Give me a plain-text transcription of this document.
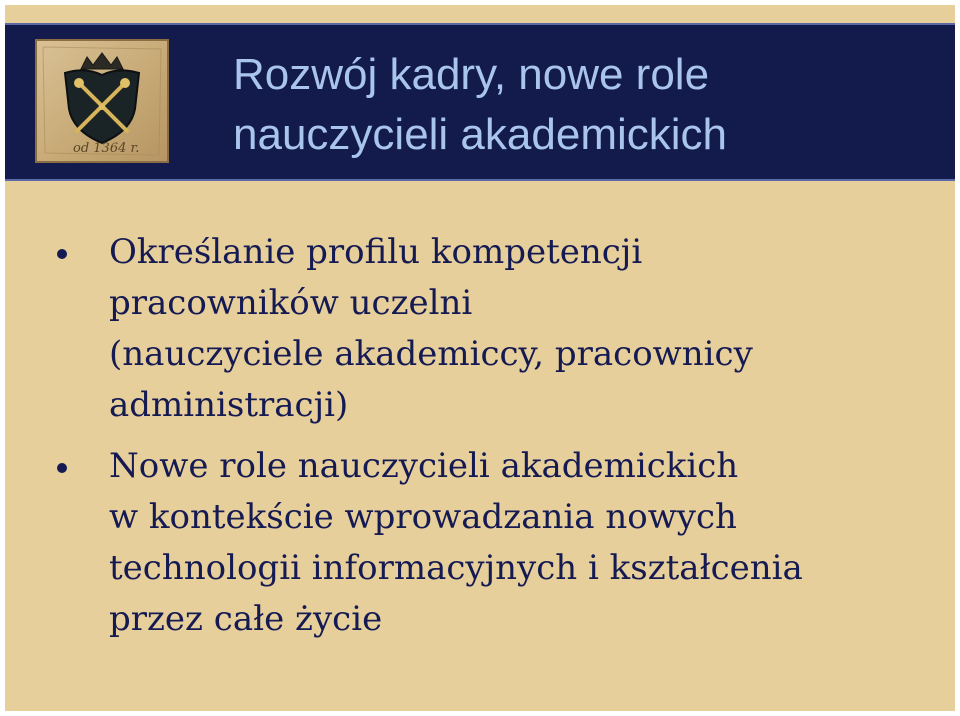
od 1364 r.
Rozwój kadry, nowe role
nauczycieli akademickich
Określanie profilu kompetencji
pracowników uczelni
(nauczyciele akademiccy, pracownicy
administracji)
Nowe role nauczycieli akademickich
w kontekście wprowadzania nowych
technologii informacyjnych i kształcenia
przez całe życie
